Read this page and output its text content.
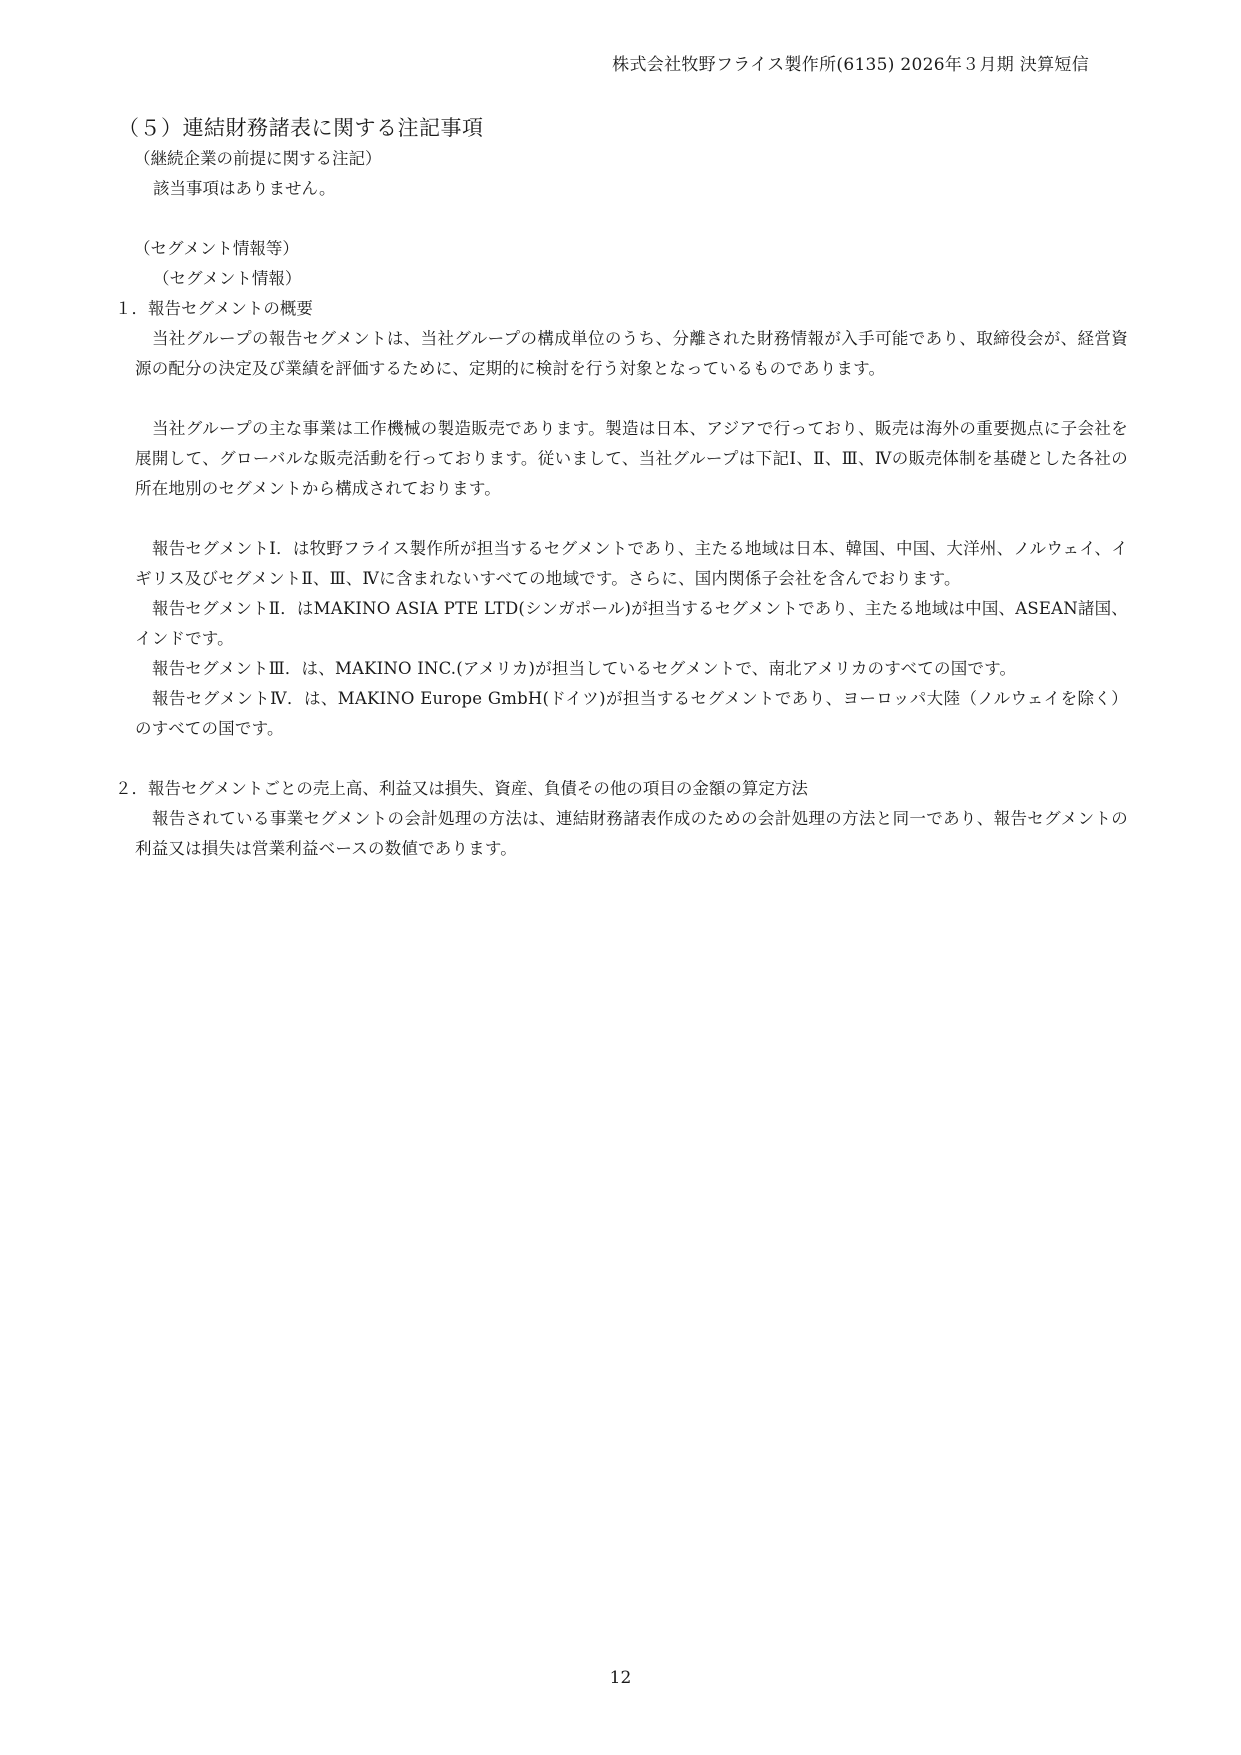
株式会社牧野フライス製作所(6135) 2026年３月期 決算短信
（５）連結財務諸表に関する注記事項

（継続企業の前提に関する注記）

該当事項はありません。

（セグメント情報等）

（セグメント情報）

１．報告セグメントの概要

当社グループの報告セグメントは、当社グループの構成単位のうち、分離された財務情報が入手可能であり、取締役会が、経営資源の配分の決定及び業績を評価するために、定期的に検討を行う対象となっているものであります。

当社グループの主な事業は工作機械の製造販売であります。製造は日本、アジアで行っており、販売は海外の重要拠点に子会社を展開して、グローバルな販売活動を行っております。従いまして、当社グループは下記Ⅰ、Ⅱ、Ⅲ、Ⅳの販売体制を基礎とした各社の所在地別のセグメントから構成されております。

報告セグメントⅠ．は牧野フライス製作所が担当するセグメントであり、主たる地域は日本、韓国、中国、大洋州、ノルウェイ、イギリス及びセグメントⅡ、Ⅲ、Ⅳに含まれないすべての地域です。さらに、国内関係子会社を含んでおります。

報告セグメントⅡ．はMAKINO ASIA PTE LTD(シンガポール)が担当するセグメントであり、主たる地域は中国、ASEAN諸国、インドです。

報告セグメントⅢ．は、MAKINO INC.(アメリカ)が担当しているセグメントで、南北アメリカのすべての国です。

報告セグメントⅣ．は、MAKINO Europe GmbH(ドイツ)が担当するセグメントであり、ヨーロッパ大陸（ノルウェイを除く）のすべての国です。

２．報告セグメントごとの売上高、利益又は損失、資産、負債その他の項目の金額の算定方法

報告されている事業セグメントの会計処理の方法は、連結財務諸表作成のための会計処理の方法と同一であり、報告セグメントの利益又は損失は営業利益ベースの数値であります。

12
